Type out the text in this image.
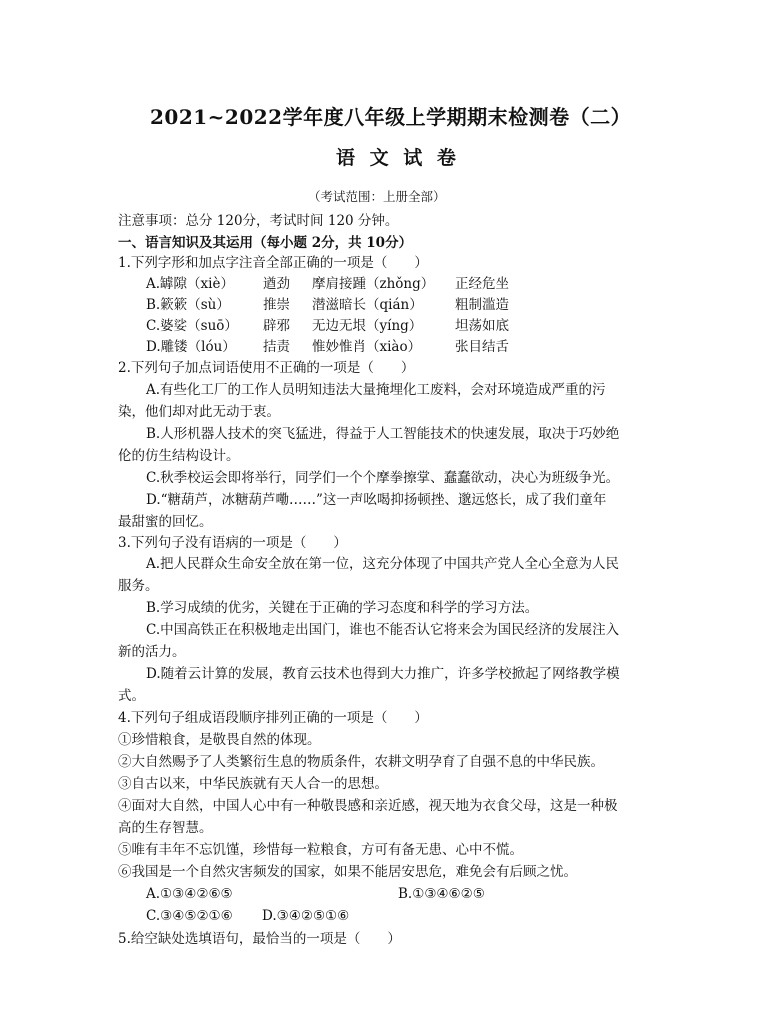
2021~2022学年度八年级上学期期末检测卷（二）
语 文 试 卷
（考试范围：上册全部）
注意事项：总分 120分，考试时间 120 分钟。
一、语言知识及其运用（每小题 2分，共 10分）
1.下列字形和加点字注音全部正确的一项是（　　）
A.罅隙（xiè） 遒劲 摩肩接踵（zhǒng） 正经危坐
B.簌簌（sù） 推崇 潜滋暗长（qián） 粗制滥造
C.婆娑（suō） 辟邪 无边无垠（yíng） 坦荡如底
D.雕镂（lóu） 拮责 惟妙惟肖（xiào）	张目结舌
2.下列句子加点词语使用不正确的一项是（　　）
A.有些化工厂的工作人员明知违法大量掩埋化工废料，会对环境造成严重的污
染，他们却对此无动于衷。
B.人形机器人技术的突飞猛进，得益于人工智能技术的快速发展，取决于巧妙绝
伦的仿生结构设计。
C.秋季校运会即将举行，同学们一个个摩拳擦掌、蠢蠢欲动，决心为班级争光。
D.“糖葫芦，冰糖葫芦嘞……”这一声吆喝抑扬顿挫、邈远悠长，成了我们童年
最甜蜜的回忆。
3.下列句子没有语病的一项是（　　）
A.把人民群众生命安全放在第一位，这充分体现了中国共产党人全心全意为人民
服务。
B.学习成绩的优劣，关键在于正确的学习态度和科学的学习方法。
C.中国高铁正在积极地走出国门，谁也不能否认它将来会为国民经济的发展注入
新的活力。
D.随着云计算的发展，教育云技术也得到大力推广，许多学校掀起了网络教学模
式。
4.下列句子组成语段顺序排列正确的一项是（　　）
①珍惜粮食，是敬畏自然的体现。
②大自然赐予了人类繁衍生息的物质条件，农耕文明孕育了自强不息的中华民族。
③自古以来，中华民族就有天人合一的思想。
④面对大自然，中国人心中有一种敬畏感和亲近感，视天地为衣食父母，这是一种极
高的生存智慧。
⑤唯有丰年不忘饥馑，珍惜每一粒粮食，方可有备无患、心中不慌。
⑥我国是一个自然灾害频发的国家，如果不能居安思危，难免会有后顾之忧。
A.①③④②⑥⑤	B.①③④⑥②⑤
C.③④⑤②①⑥ D.③④②⑤①⑥
5.给空缺处选填语句，最恰当的一项是（　　）
